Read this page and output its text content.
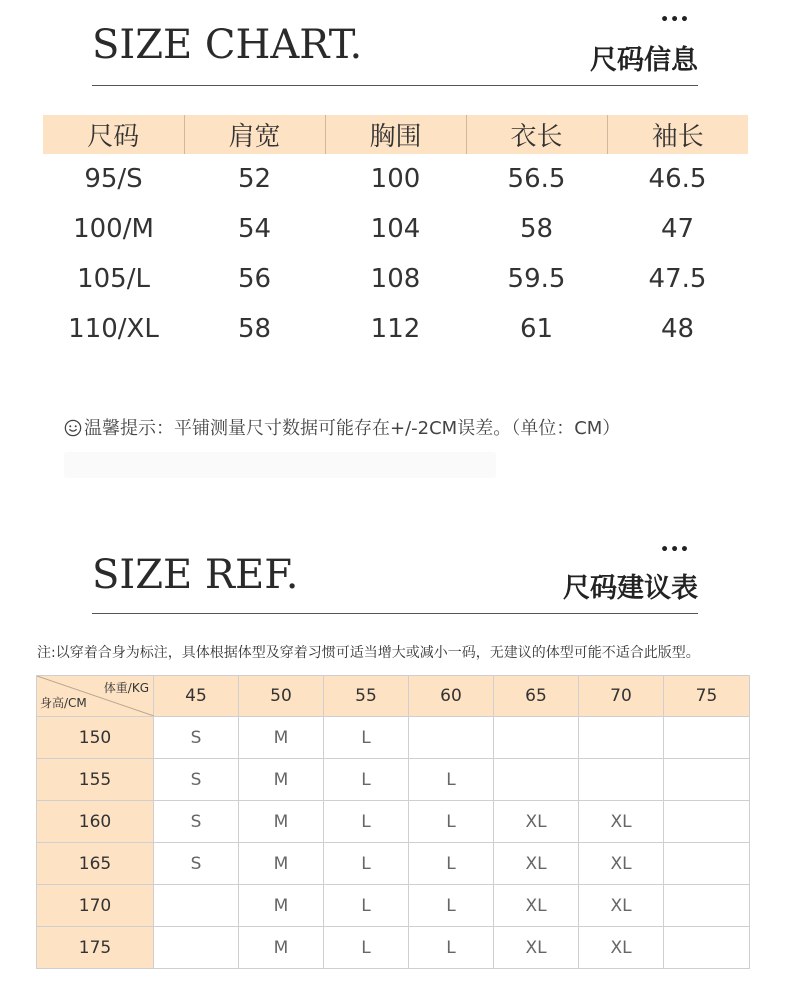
SIZE CHART.
•••
尺码信息
尺码	肩宽	胸围	衣长	袖长
95/S	52	100	56.5	46.5
100/M	54	104	58	47
105/L	56	108	59.5	47.5
110/XL	58	112	61	48
温馨提示：平铺测量尺寸数据可能存在+/-2CM误差。（单位：CM）
SIZE REF.
•••
尺码建议表
注:以穿着合身为标注，具体根据体型及穿着习惯可适当增大或减小一码，无建议的体型可能不适合此版型。
体重/KG
身高/CM	45	50	55	60	65	70	75
150	S	M	L				
155	S	M	L	L			
160	S	M	L	L	XL	XL	
165	S	M	L	L	XL	XL	
170		M	L	L	XL	XL	
175		M	L	L	XL	XL	
